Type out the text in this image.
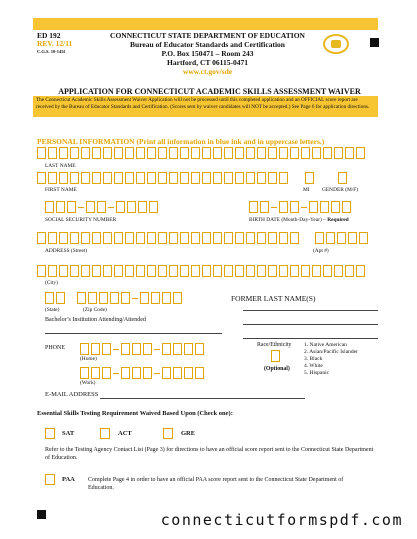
ED 192
REV. 12/11
C.G.S. 10-145f
CONNECTICUT STATE DEPARTMENT OF EDUCATION
Bureau of Educator Standards and Certification
P.O. Box 150471 – Room 243
Hartford, CT 06115-0471
www.ct.gov/sde
APPLICATION FOR CONNECTICUT ACADEMIC SKILLS ASSESSMENT WAIVER
The Connecticut Academic Skills Assessment Waiver Application will not be processed until this completed application and an OFFICIAL score report are received by the Bureau of Educator Standards and Certification. (Scores sent by waiver candidates will NOT be accepted.) See Page 6 for application directions.
PERSONAL INFORMATION (Print all information in blue ink and in uppercase letters.)
LAST NAME
FIRST NAME	MI GENDER (M/F)
SOCIAL SECURITY NUMBER	BIRTH DATE (Month-Day-Year) – Required
ADDRESS (Street)	(Apt #)
(City)
(State)	(Zip Code)
FORMER LAST NAME(S)
Bachelor’s Institution Attending/Attended
PHONE
(Home)
(Work)
Race/Ethnicity
(Optional)
1. Native American
2. Asian/Pacific Islander
3. Black
4. White
5. Hispanic
E-MAIL ADDRESS
Essential Skills Testing Requirement Waived Based Upon (Check one):
SAT	ACT	GRE
Refer to the Testing Agency Contact List (Page 3) for directions to have an official score report sent to the Connecticut State Department of Education.
PAA Complete Page 4 in order to have an official PAA score report sent to the Connecticut State Department of Education.
connecticutformspdf.com
